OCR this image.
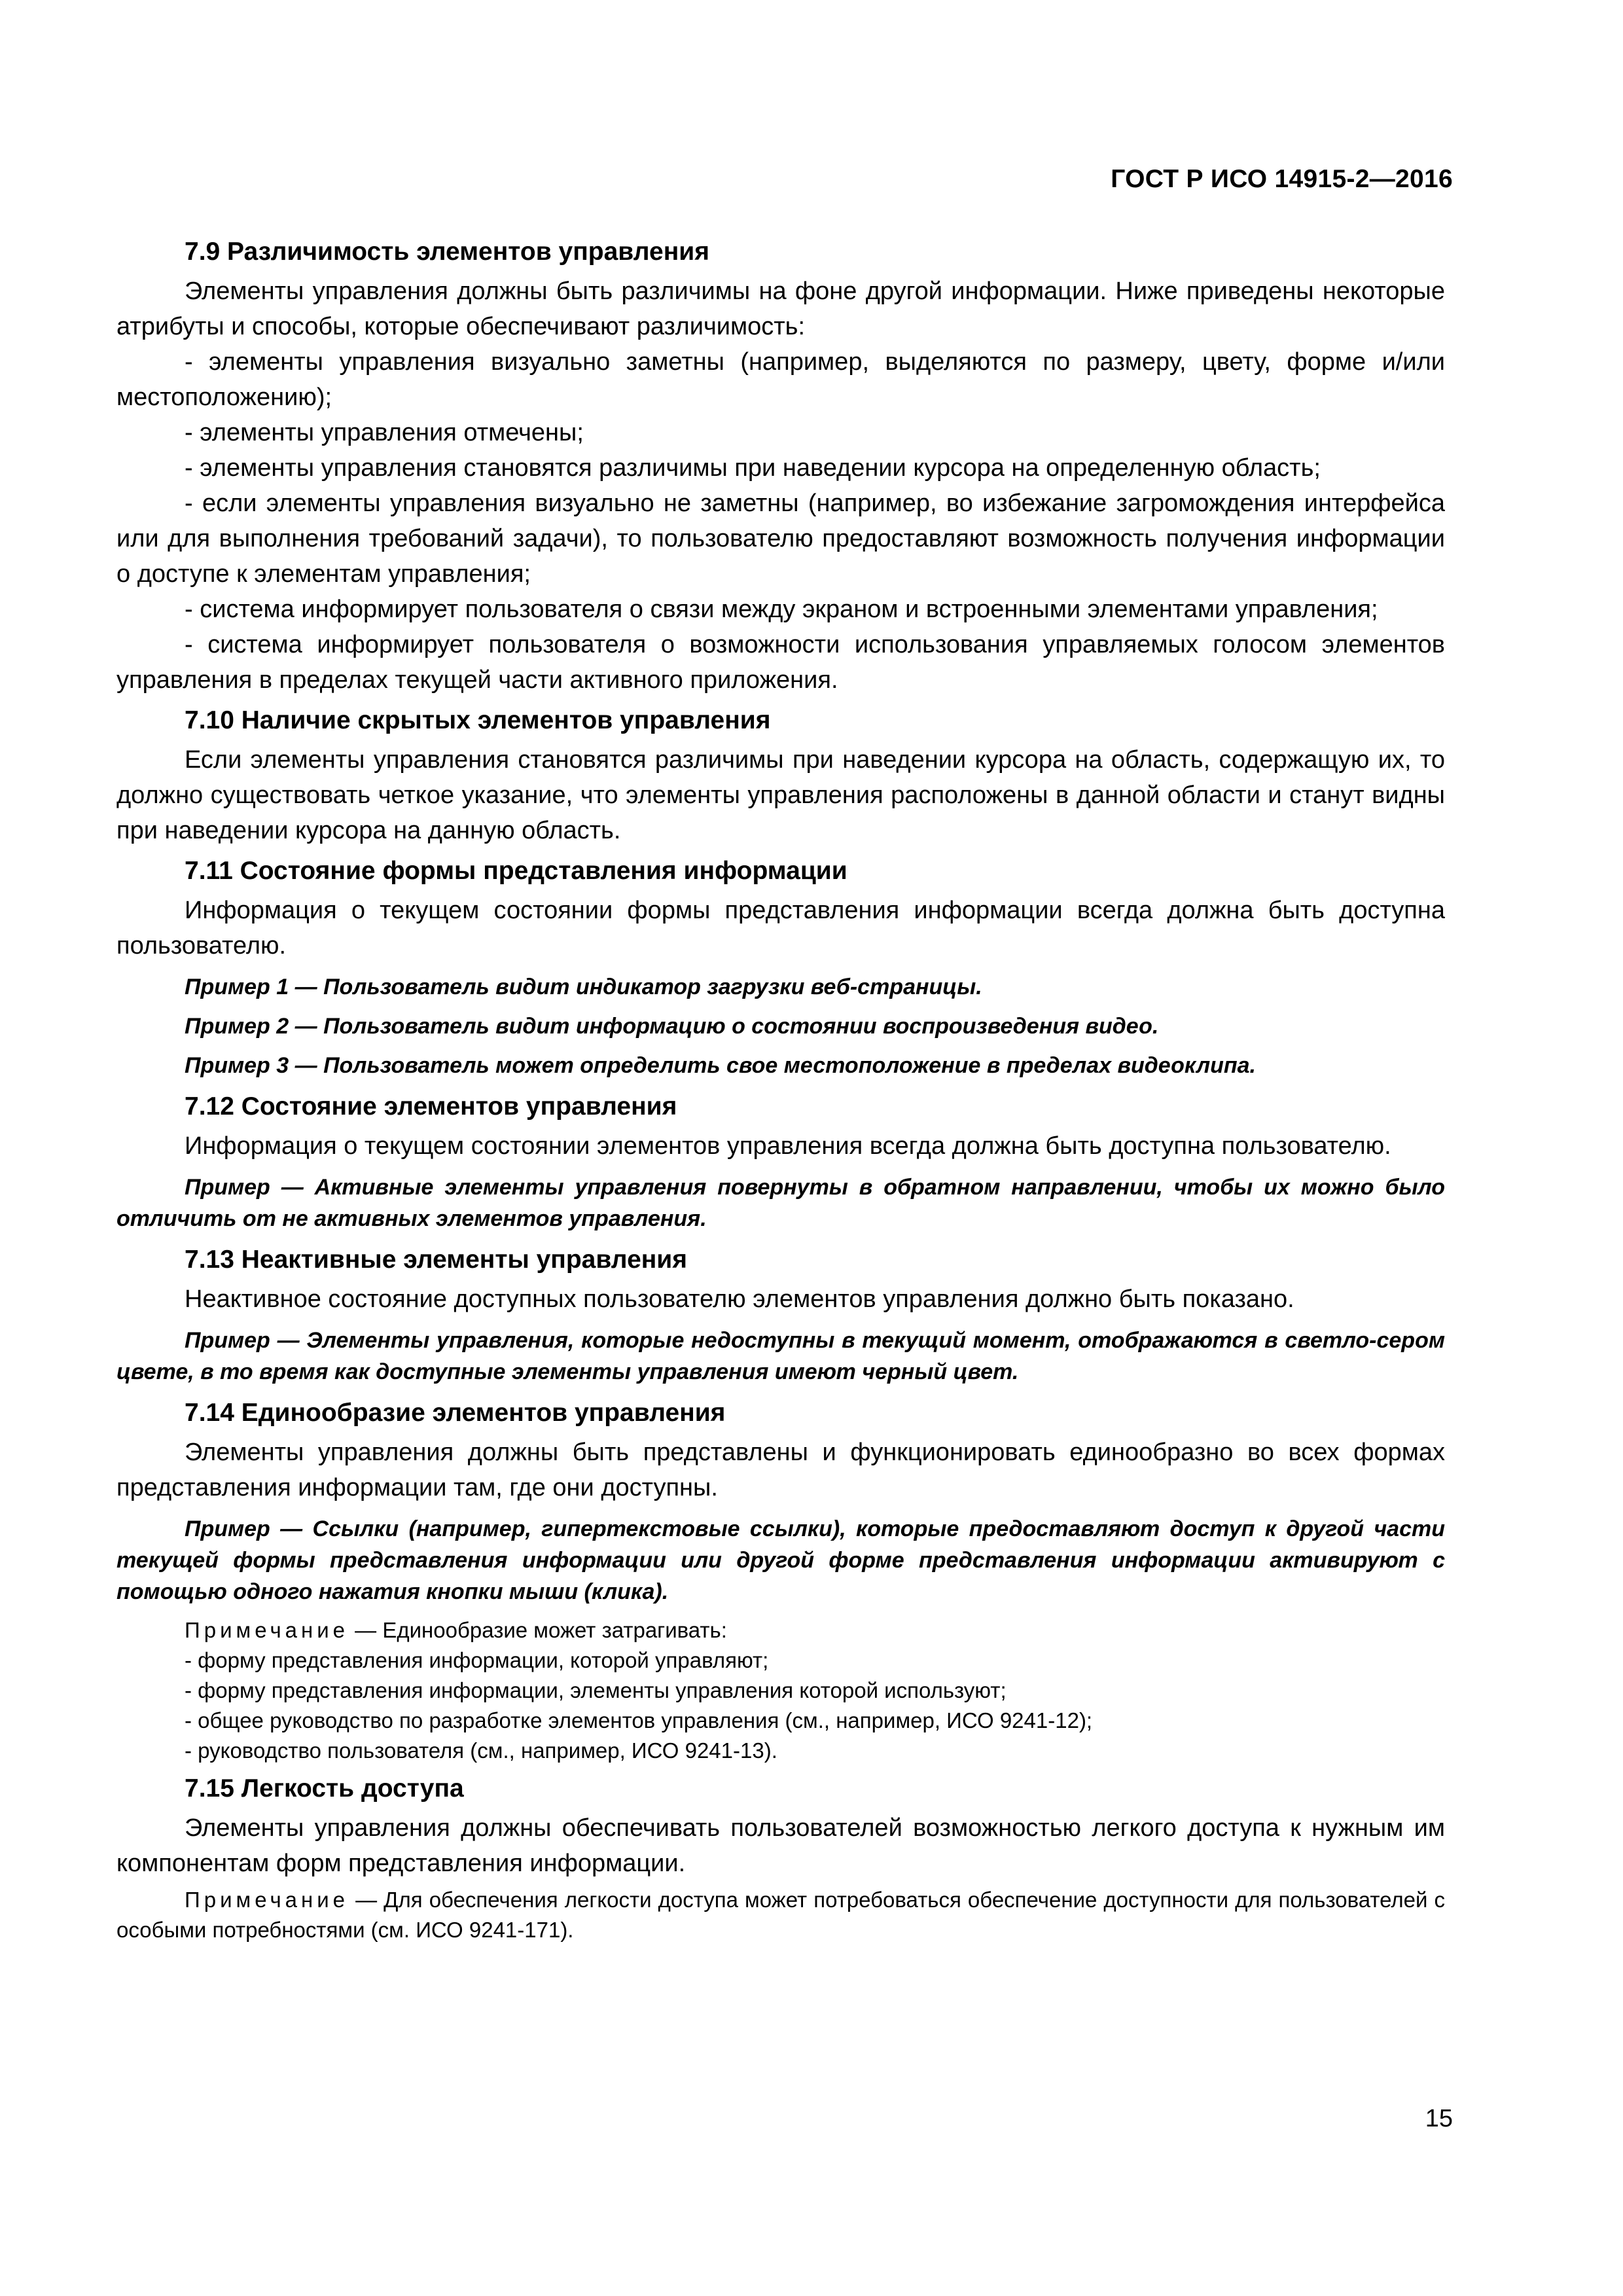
ГОСТ Р ИСО 14915-2—2016

7.9 Различимость элементов управления

Элементы управления должны быть различимы на фоне другой информации. Ниже приведены некоторые атрибуты и способы, которые обеспечивают различимость:

- элементы управления визуально заметны (например, выделяются по размеру, цвету, форме и/или местоположению);

- элементы управления отмечены;

- элементы управления становятся различимы при наведении курсора на определенную область;

- если элементы управления визуально не заметны (например, во избежание загромождения интерфейса или для выполнения требований задачи), то пользователю предоставляют возможность получения информации о доступе к элементам управления;

- система информирует пользователя о связи между экраном и встроенными элементами управления;

- система информирует пользователя о возможности использования управляемых голосом элементов управления в пределах текущей части активного приложения.

7.10 Наличие скрытых элементов управления

Если элементы управления становятся различимы при наведении курсора на область, содержащую их, то должно существовать четкое указание, что элементы управления расположены в данной области и станут видны при наведении курсора на данную область.

7.11 Состояние формы представления информации

Информация о текущем состоянии формы представления информации всегда должна быть доступна пользователю.

Пример 1 — Пользователь видит индикатор загрузки веб-страницы.

Пример 2 — Пользователь видит информацию о состоянии воспроизведения видео.

Пример 3 — Пользователь может определить свое местоположение в пределах видеоклипа.

7.12 Состояние элементов управления

Информация о текущем состоянии элементов управления всегда должна быть доступна пользователю.

Пример — Активные элементы управления повернуты в обратном направлении, чтобы их можно было отличить от не активных элементов управления.

7.13 Неактивные элементы управления

Неактивное состояние доступных пользователю элементов управления должно быть показано.

Пример — Элементы управления, которые недоступны в текущий момент, отображаются в светло-сером цвете, в то время как доступные элементы управления имеют черный цвет.

7.14 Единообразие элементов управления

Элементы управления должны быть представлены и функционировать единообразно во всех формах представления информации там, где они доступны.

Пример — Ссылки (например, гипертекстовые ссылки), которые предоставляют доступ к другой части текущей формы представления информации или другой форме представления информации активируют с помощью одного нажатия кнопки мыши (клика).

Примечание — Единообразие может затрагивать:

- форму представления информации, которой управляют;

- форму представления информации, элементы управления которой используют;

- общее руководство по разработке элементов управления (см., например, ИСО 9241-12);

- руководство пользователя (см., например, ИСО 9241-13).

7.15 Легкость доступа

Элементы управления должны обеспечивать пользователей возможностью легкого доступа к нужным им компонентам форм представления информации.

Примечание — Для обеспечения легкости доступа может потребоваться обеспечение доступности для пользователей с особыми потребностями (см. ИСО 9241-171).

15
